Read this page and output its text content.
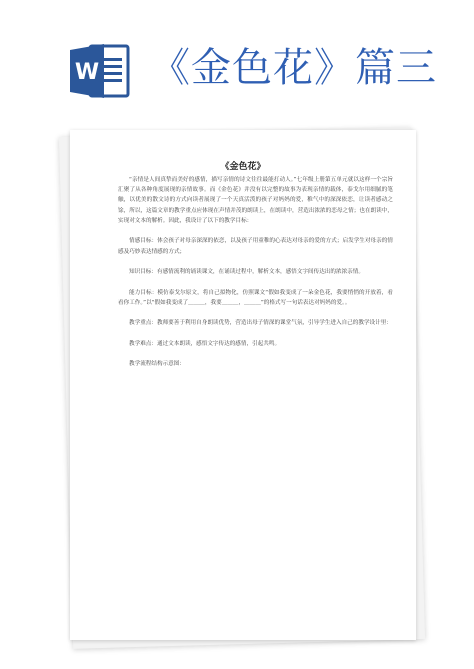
W 《金色花》篇三
《金色花》

“亲情是人间真挚而美好的感情，描写亲情的诗文往往最能打动人。”七年级上册第五单元就以这样一个宗旨汇聚了从各种角度展现的亲情故事。而《金色花》并没有以完整的故事为表现亲情的载体，泰戈尔用细腻的笔触，以优美的散文诗的方式向读者展现了一个天真活泼的孩子对妈妈的爱，稚气中的深深依恋，让读者感动之馀，所以，这篇文章的教学重点应体现在声情并茂的朗读上，在朗读中，营造出浓浓的恋母之情；也在朗读中，实现对文本的解析。因此，我设计了以下的教学目标：

情感目标：体会孩子对母亲深深的依恋，以及孩子用童稚的心表达对母亲的爱的方式；启发学生对母亲的情感及巧妙表达情感的方式；

知识目标：有感情流利的诵读课文，在诵读过程中，解析文本，感悟文字间传达出的浓浓亲情。

能力目标：模仿泰戈尔原文，将自己拟物化，仿照课文“假如我变成了一朵金色花，我要悄悄的开放着，看看你工作。”以“假如我变成了＿＿＿，我要＿＿＿，＿＿＿”的格式写一句话表达对妈妈的爱。。

教学重点：教师要善于利用自身朗读优势，营造出母子情深的课堂气氛，引导学生进入自己的教学设计里：

教学难点：通过文本朗读，感悟文字传达的感情，引起共鸣。

教学流程结构示意图：
